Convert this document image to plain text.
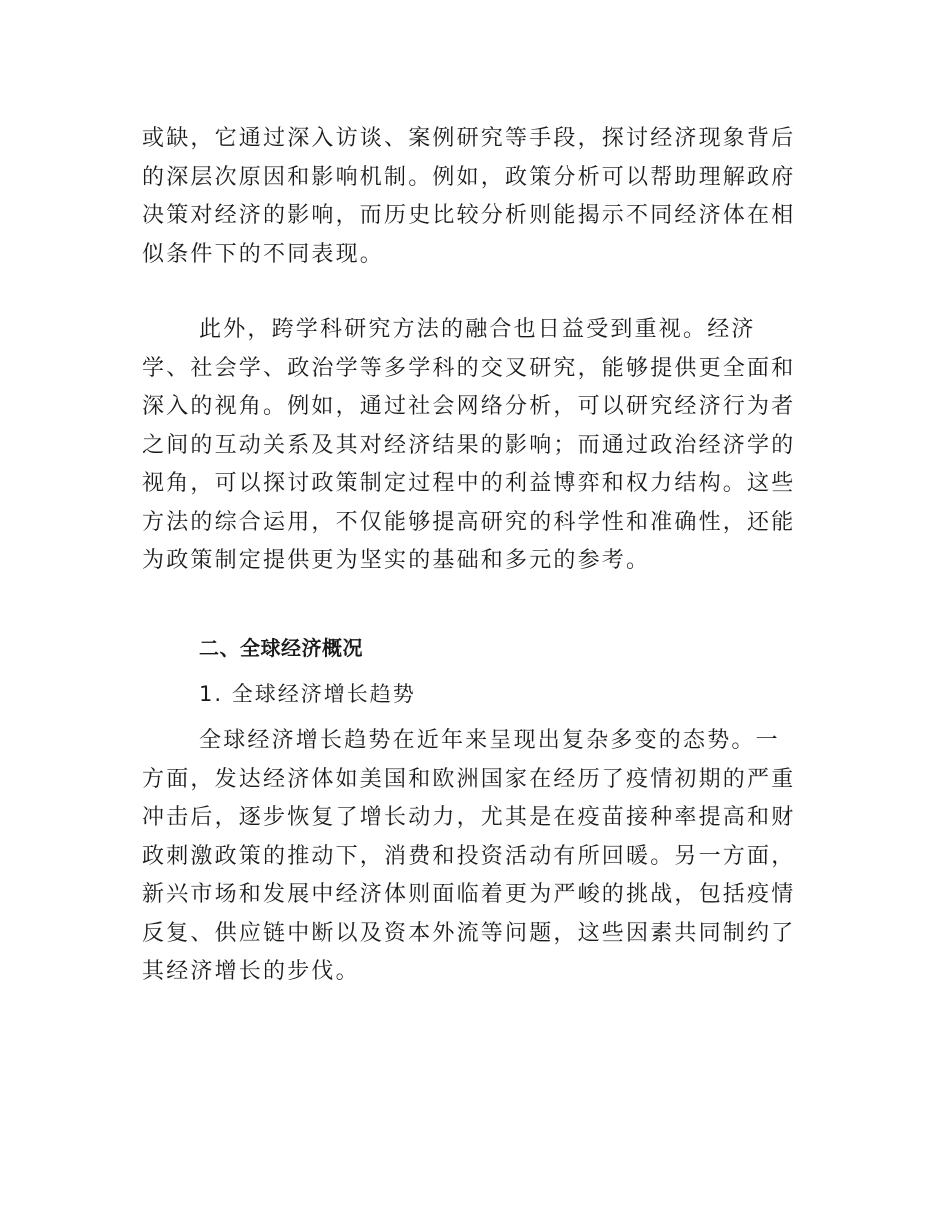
或缺，它通过深入访谈、案例研究等手段，探讨经济现象背后
的深层次原因和影响机制。例如，政策分析可以帮助理解政府
决策对经济的影响，而历史比较分析则能揭示不同经济体在相
似条件下的不同表现。
此外，跨学科研究方法的融合也日益受到重视。经济
学、社会学、政治学等多学科的交叉研究，能够提供更全面和
深入的视角。例如，通过社会网络分析，可以研究经济行为者
之间的互动关系及其对经济结果的影响；而通过政治经济学的
视角，可以探讨政策制定过程中的利益博弈和权力结构。这些
方法的综合运用，不仅能够提高研究的科学性和准确性，还能
为政策制定提供更为坚实的基础和多元的参考。
二、全球经济概况
1. 全球经济增长趋势
全球经济增长趋势在近年来呈现出复杂多变的态势。一
方面，发达经济体如美国和欧洲国家在经历了疫情初期的严重
冲击后，逐步恢复了增长动力，尤其是在疫苗接种率提高和财
政刺激政策的推动下，消费和投资活动有所回暖。另一方面，
新兴市场和发展中经济体则面临着更为严峻的挑战，包括疫情
反复、供应链中断以及资本外流等问题，这些因素共同制约了
其经济增长的步伐。
